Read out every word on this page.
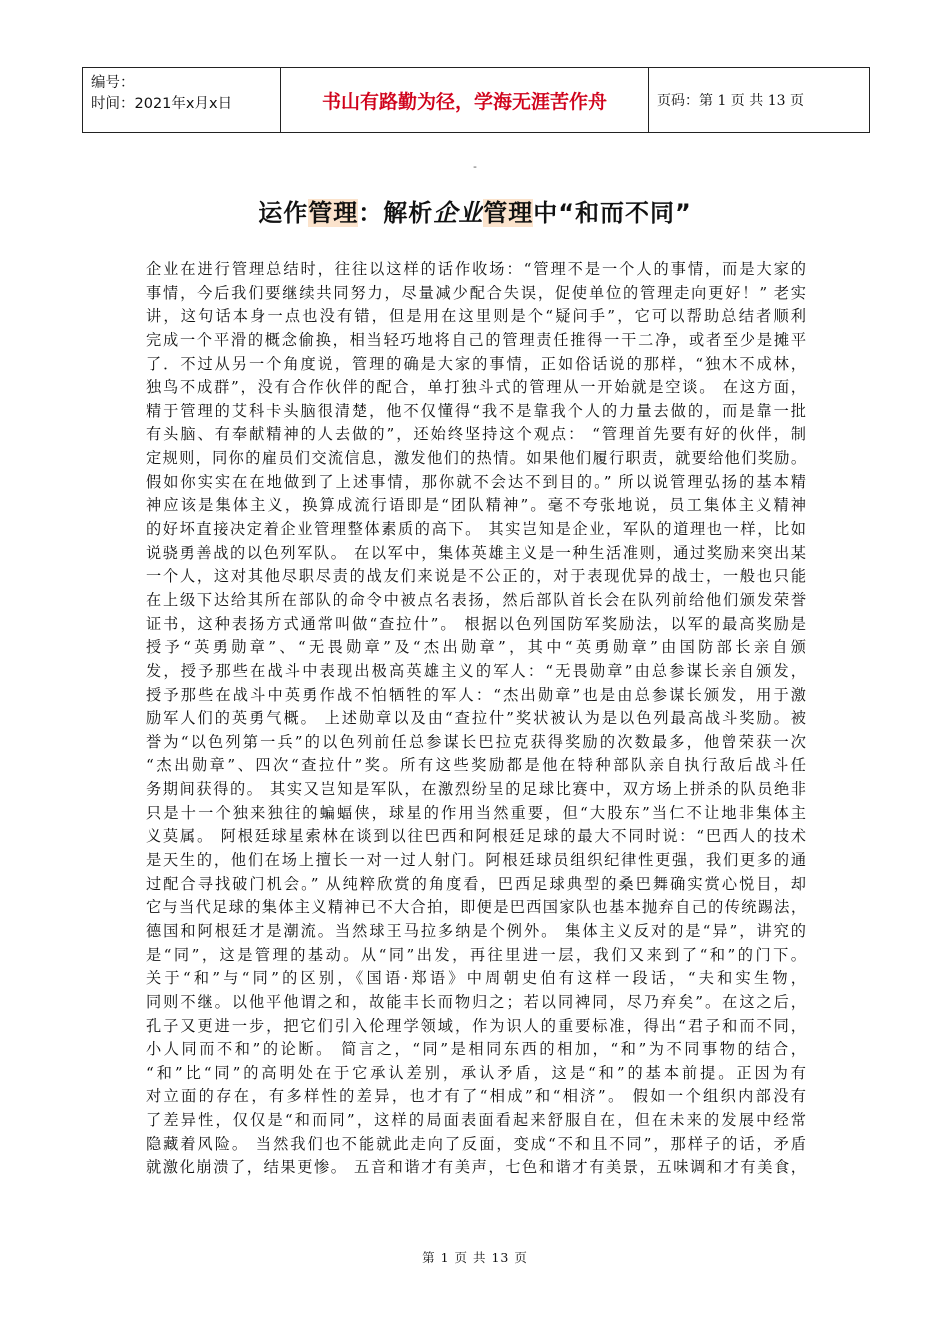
编号：
时间：2021年x月x日	书山有路勤为径，学海无涯苦作舟	页码：第 1 页 共 13 页
-
运作管理：解析企业管理中“和而不同”
企业在进行管理总结时，往往以这样的话作收场：“管理不是一个人的事情，而是大家的
事情，今后我们要继续共同努力，尽量减少配合失误，促使单位的管理走向更好！” 老实
讲，这句话本身一点也没有错，但是用在这里则是个“疑问手”，它可以帮助总结者顺利
完成一个平滑的概念偷换，相当轻巧地将自己的管理责任推得一干二净，或者至少是摊平
了．不过从另一个角度说，管理的确是大家的事情，正如俗话说的那样，“独木不成林，
独鸟不成群”，没有合作伙伴的配合，单打独斗式的管理从一开始就是空谈。 在这方面，
精于管理的艾科卡头脑很清楚，他不仅懂得“我不是靠我个人的力量去做的，而是靠一批
有头脑、有奉献精神的人去做的”，还始终坚持这个观点： “管理首先要有好的伙伴，制
定规则，同你的雇员们交流信息，激发他们的热情。如果他们履行职责，就要给他们奖励。
假如你实实在在地做到了上述事情，那你就不会达不到目的。” 所以说管理弘扬的基本精
神应该是集体主义，换算成流行语即是“团队精神”。毫不夸张地说，员工集体主义精神
的好坏直接决定着企业管理整体素质的高下。 其实岂知是企业，军队的道理也一样，比如
说骁勇善战的以色列军队。 在以军中，集体英雄主义是一种生活准则，通过奖励来突出某
一个人，这对其他尽职尽责的战友们来说是不公正的，对于表现优异的战士，一般也只能
在上级下达给其所在部队的命令中被点名表扬，然后部队首长会在队列前给他们颁发荣誉
证书，这种表扬方式通常叫做“查拉什”。 根据以色列国防军奖励法，以军的最高奖励是
授予“英勇勋章”、“无畏勋章”及“杰出勋章”，其中“英勇勋章”由国防部长亲自颁
发，授予那些在战斗中表现出极高英雄主义的军人：“无畏勋章”由总参谋长亲自颁发，
授予那些在战斗中英勇作战不怕牺牲的军人：“杰出勋章”也是由总参谋长颁发，用于激
励军人们的英勇气概。 上述勋章以及由“查拉什”奖状被认为是以色列最高战斗奖励。被
誉为“以色列第一兵”的以色列前任总参谋长巴拉克获得奖励的次数最多，他曾荣获一次
“杰出勋章”、四次“查拉什”奖。所有这些奖励都是他在特种部队亲自执行敌后战斗任
务期间获得的。 其实又岂知是军队，在激烈纷呈的足球比赛中，双方场上拼杀的队员绝非
只是十一个独来独往的蝙蝠侠，球星的作用当然重要，但“大股东”当仁不让地非集体主
义莫属。 阿根廷球星索林在谈到以往巴西和阿根廷足球的最大不同时说：“巴西人的技术
是天生的，他们在场上擅长一对一过人射门。阿根廷球员组织纪律性更强，我们更多的通
过配合寻找破门机会。” 从纯粹欣赏的角度看，巴西足球典型的桑巴舞确实赏心悦目，却
它与当代足球的集体主义精神已不大合拍，即便是巴西国家队也基本抛弃自己的传统踢法，
德国和阿根廷才是潮流。当然球王马拉多纳是个例外。 集体主义反对的是“异”，讲究的
是“同”，这是管理的基动。从“同”出发，再往里进一层，我们又来到了“和”的门下。
关于“和”与“同”的区别，《国语·郑语》中周朝史伯有这样一段话，“夫和实生物，
同则不继。以他平他谓之和，故能丰长而物归之；若以同裨同，尽乃弃矣”。在这之后，
孔子又更进一步，把它们引入伦理学领域，作为识人的重要标准，得出“君子和而不同，
小人同而不和”的论断。 简言之，“同”是相同东西的相加，“和”为不同事物的结合，
“和”比“同”的高明处在于它承认差别，承认矛盾，这是“和”的基本前提。正因为有
对立面的存在，有多样性的差异，也才有了“相成”和“相济”。 假如一个组织内部没有
了差异性，仅仅是“和而同”，这样的局面表面看起来舒服自在，但在未来的发展中经常
隐藏着风险。 当然我们也不能就此走向了反面，变成“不和且不同”，那样子的话，矛盾
就激化崩溃了，结果更惨。 五音和谐才有美声，七色和谐才有美景，五味调和才有美食，
第 1 页 共 13 页
